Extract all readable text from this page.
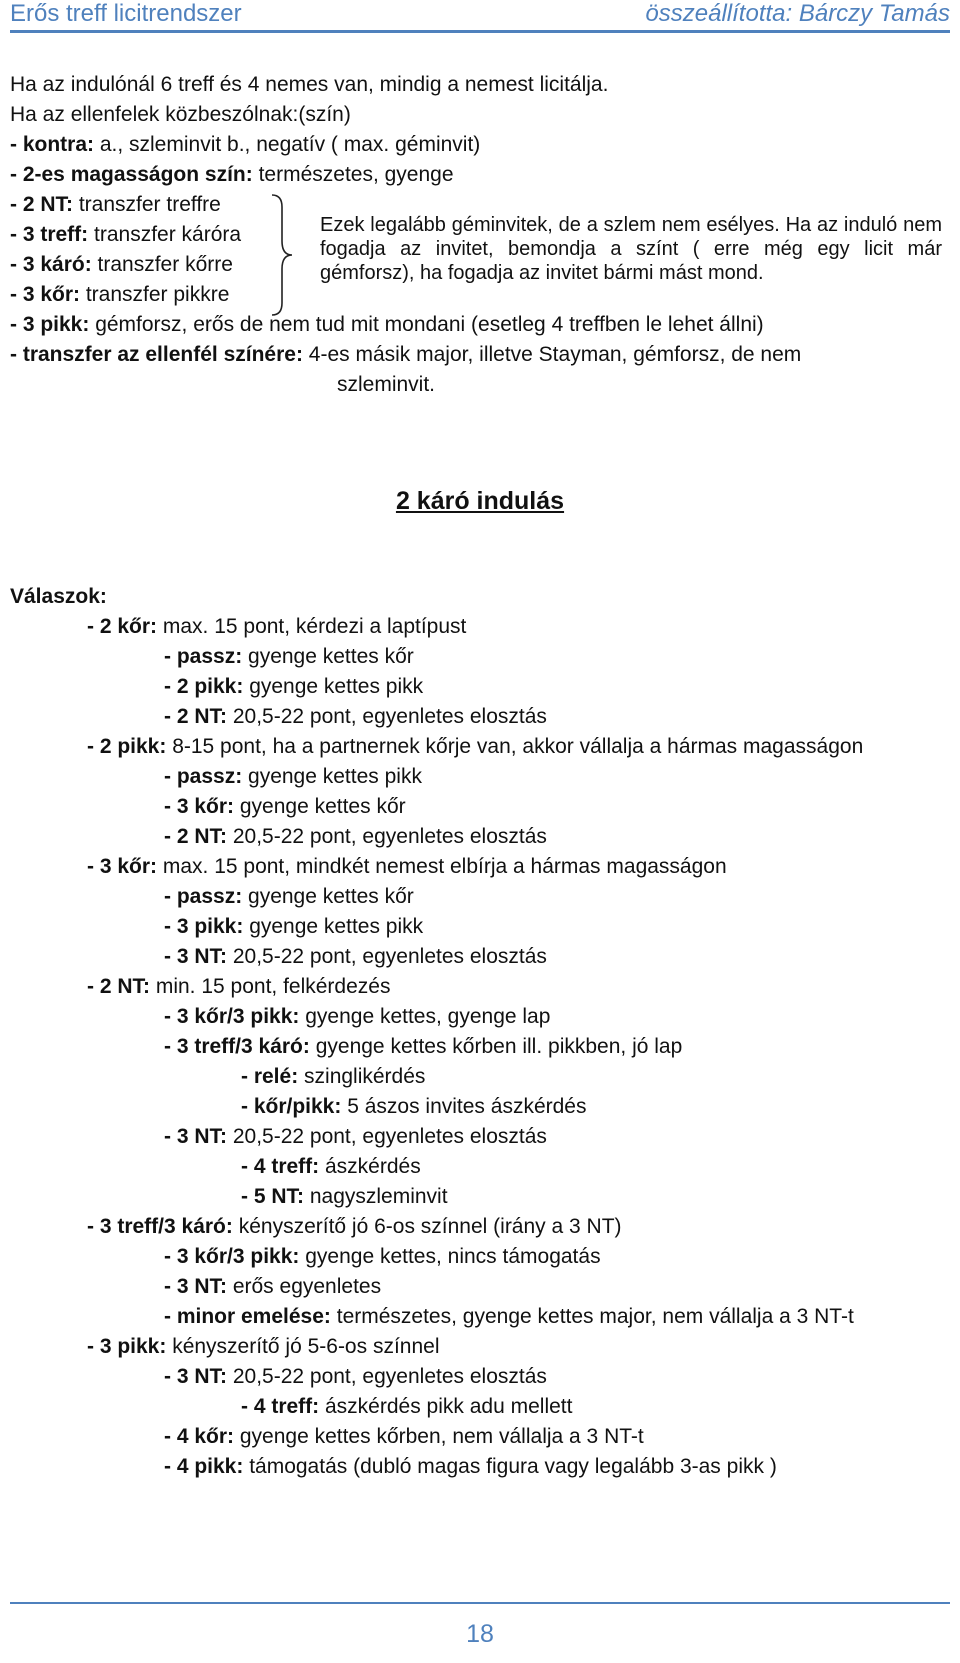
Erős treff licitrendszer	összeállította: Bárczy Tamás
Ha az indulónál 6 treff és 4 nemes van, mindig a nemest licitálja.
Ha az ellenfelek közbeszólnak:(szín)
- kontra: a., szleminvit b., negatív ( max. géminvit)
- 2-es magasságon szín: természetes, gyenge
- 2 NT: transzfer treffre
- 3 treff: transzfer káróra
- 3 káró: transzfer kőrre
- 3 kőr: transzfer pikkre
Ezek legalább géminvitek, de a szlem nem esélyes. Ha az induló nem fogadja az invitet, bemondja a színt ( erre még egy licit már gémforsz), ha fogadja az invitet bármi mást mond.
- 3 pikk: gémforsz, erős de nem tud mit mondani (esetleg 4 treffben le lehet állni)
- transzfer az ellenfél színére: 4-es másik major, illetve Stayman, gémforsz, de nem
szleminvit.
2 káró indulás
Válaszok:
- 2 kőr: max. 15 pont, kérdezi a laptípust
- passz: gyenge kettes kőr
- 2 pikk: gyenge kettes pikk
- 2 NT: 20,5-22 pont, egyenletes elosztás
- 2 pikk: 8-15 pont, ha a partnernek kőrje van, akkor vállalja a hármas magasságon
- passz: gyenge kettes pikk
- 3 kőr: gyenge kettes kőr
- 2 NT: 20,5-22 pont, egyenletes elosztás
- 3 kőr: max. 15 pont, mindkét nemest elbírja a hármas magasságon
- passz: gyenge kettes kőr
- 3 pikk: gyenge kettes pikk
- 3 NT: 20,5-22 pont, egyenletes elosztás
- 2 NT: min. 15 pont, felkérdezés
- 3 kőr/3 pikk: gyenge kettes, gyenge lap
- 3 treff/3 káró: gyenge kettes kőrben ill. pikkben, jó lap
- relé: szinglikérdés
- kőr/pikk: 5 ászos invites ászkérdés
- 3 NT: 20,5-22 pont, egyenletes elosztás
- 4 treff: ászkérdés
- 5 NT: nagyszleminvit
- 3 treff/3 káró: kényszerítő jó 6-os színnel (irány a 3 NT)
- 3 kőr/3 pikk: gyenge kettes, nincs támogatás
- 3 NT: erős egyenletes
- minor emelése: természetes, gyenge kettes major, nem vállalja a 3 NT-t
- 3 pikk: kényszerítő jó 5-6-os színnel
- 3 NT: 20,5-22 pont, egyenletes elosztás
- 4 treff: ászkérdés pikk adu mellett
- 4 kőr: gyenge kettes kőrben, nem vállalja a 3 NT-t
- 4 pikk: támogatás (dubló magas figura vagy legalább 3-as pikk )
18
